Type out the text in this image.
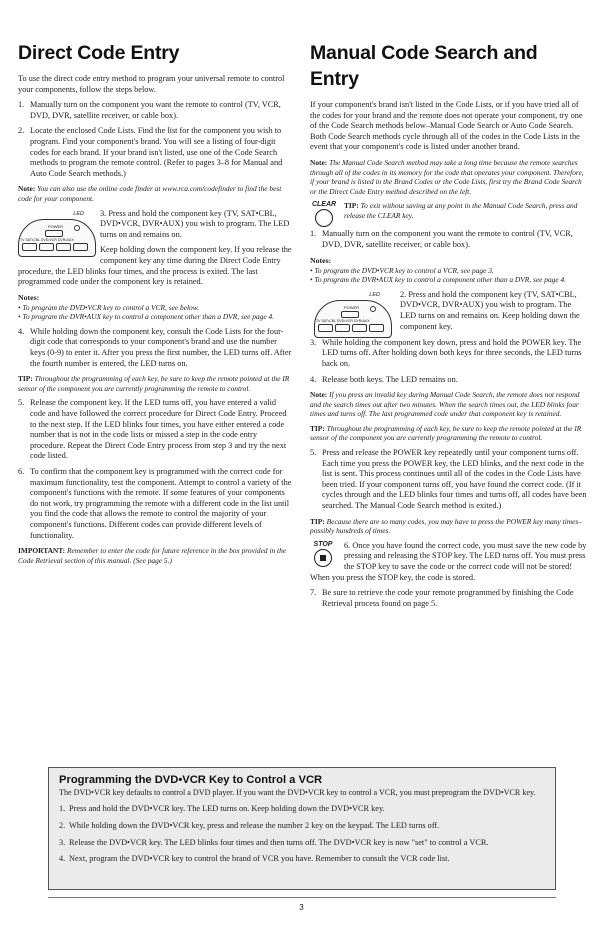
Direct Code Entry

To use the direct code entry method to program your universal remote to control your components, follow the steps below.

1. Manually turn on the component you want the remote to control (TV, VCR, DVD, DVR, satellite receiver, or cable box).
2. Locate the enclosed Code Lists. Find the list for the component you wish to program. Find your component's brand. You will see a listing of four-digit codes for each brand. If your brand isn't listed, use one of the Code Search methods to program the remote control. (Refer to pages 3–8 for Manual and Auto Code Search methods.)

Note: You can also use the online code finder at www.rca.com/codefinder to find the best code for your component.

LED
POWER
TV SAT•CBL DVD•VCR DVR•AUX

3. Press and hold the component key (TV, SAT•CBL, DVD•VCR, DVR•AUX) you wish to program. The LED turns on and remains on.

Keep holding down the component key. If you release the component key any time during the Direct Code Entry procedure, the LED blinks four times, and the process is exited. The last programmed code under the component key is retained.

Notes:

• To program the DVD•VCR key to control a VCR, see below.
• To program the DVR•AUX key to control a component other than a DVR, see page 4.
4. While holding down the component key, consult the Code Lists for the four-digit code that corresponds to your component's brand and use the number keys (0-9) to enter it. After you press the first number, the LED turns off. After the fourth number is entered, the LED turns on.

TIP: Throughout the programming of each key, be sure to keep the remote pointed at the IR sensor of the component you are currently programming the remote to control.

5. Release the component key. If the LED turns off, you have entered a valid code and have followed the correct procedure for Direct Code Entry. Proceed to the next step. If the LED blinks four times, you have either entered a code number that is not in the code lists or missed a step in the code entry procedure. Repeat the Direct Code Entry process from step 3 and try the next code listed.
6. To confirm that the component key is programmed with the correct code for maximum functionality, test the component. Attempt to control a variety of the component's functions with the remote. If some features of your components do not work, try programming the remote with a different code in the list until you find the code that allows the remote to control the majority of your component's functions. Different codes can provide different levels of functionality.

IMPORTANT: Remember to enter the code for future reference in the box provided in the Code Retrieval section of this manual. (See page 5.)

Manual Code Search and Entry

If your component's brand isn't listed in the Code Lists, or if you have tried all of the codes for your brand and the remote does not operate your component, try one of the Code Search methods below–Manual Code Search or Auto Code Search. Both Code Search methods cycle through all of the codes in the Code Lists in the event that your component's code is listed under another brand.

Note: The Manual Code Search method may take a long time because the remote searches through all of the codes in its memory for the code that operates your component. Therefore, if your brand is listed in the Brand Codes or the Code Lists, first try the Brand Code Search or the Direct Code Entry method described on the left.

CLEAR	TIP: To exit without saving at any point in the Manual Code Search, press and release the CLEAR key.

1. Manually turn on the component you want the remote to control (TV, VCR, DVD, DVR, satellite receiver, or cable box).

Notes:

• To program the DVD•VCR key to control a VCR, see page 3.
• To program the DVR•AUX key to control a component other than a DVR, see page 4.
LED
POWER
TV SAT•CBL DVD•VCR DVR•AUX

2. Press and hold the component key (TV, SAT•CBL, DVD•VCR, DVR•AUX) you wish to program. The LED turns on and remains on. Keep holding down the component key.

3. While holding the component key down, press and hold the POWER key. The LED turns off. After holding down both keys for three seconds, the LED turns back on.
4. Release both keys. The LED remains on.

Note: If you press an invalid key during Manual Code Search, the remote does not respond and the search times out after two minutes. When the search times out, the LED blinks four times and turns off. The last programmed code under that component key is retained.

TIP: Throughout the programming of each key, be sure to keep the remote pointed at the IR sensor of the component you are currently programming the remote to control.

5. Press and release the POWER key repeatedly until your component turns off. Each time you press the POWER key, the LED blinks, and the next code in the list is sent. This process continues until all of the codes in the Code Lists have been tried. If your component turns off, you have found the correct code. (If it cycles through and the LED blinks four times and turns off, all codes have been searched. The Manual Code Search method is exited.)

TIP: Because there are so many codes, you may have to press the POWER key many times–possibly hundreds of times.

STOP	6. Once you have found the correct code, you must save the new code by pressing and releasing the STOP key. The LED turns off. You must press the STOP key to save the code or the correct code will not be stored! When you press the STOP key, the code is stored.

7. Be sure to retrieve the code your remote programmed by finishing the Code Retrieval process found on page 5.
Programming the DVD•VCR Key to Control a VCR

The DVD•VCR key defaults to control a DVD player. If you want the DVD•VCR key to control a VCR, you must preprogram the DVD•VCR key.

1. Press and hold the DVD•VCR key. The LED turns on. Keep holding down the DVD•VCR key.
2. While holding down the DVD•VCR key, press and release the number 2 key on the keypad. The LED turns off.
3. Release the DVD•VCR key. The LED blinks four times and then turns off. The DVD•VCR key is now "set" to control a VCR.
4. Next, program the DVD•VCR key to control the brand of VCR you have. Remember to consult the VCR code list.
3
